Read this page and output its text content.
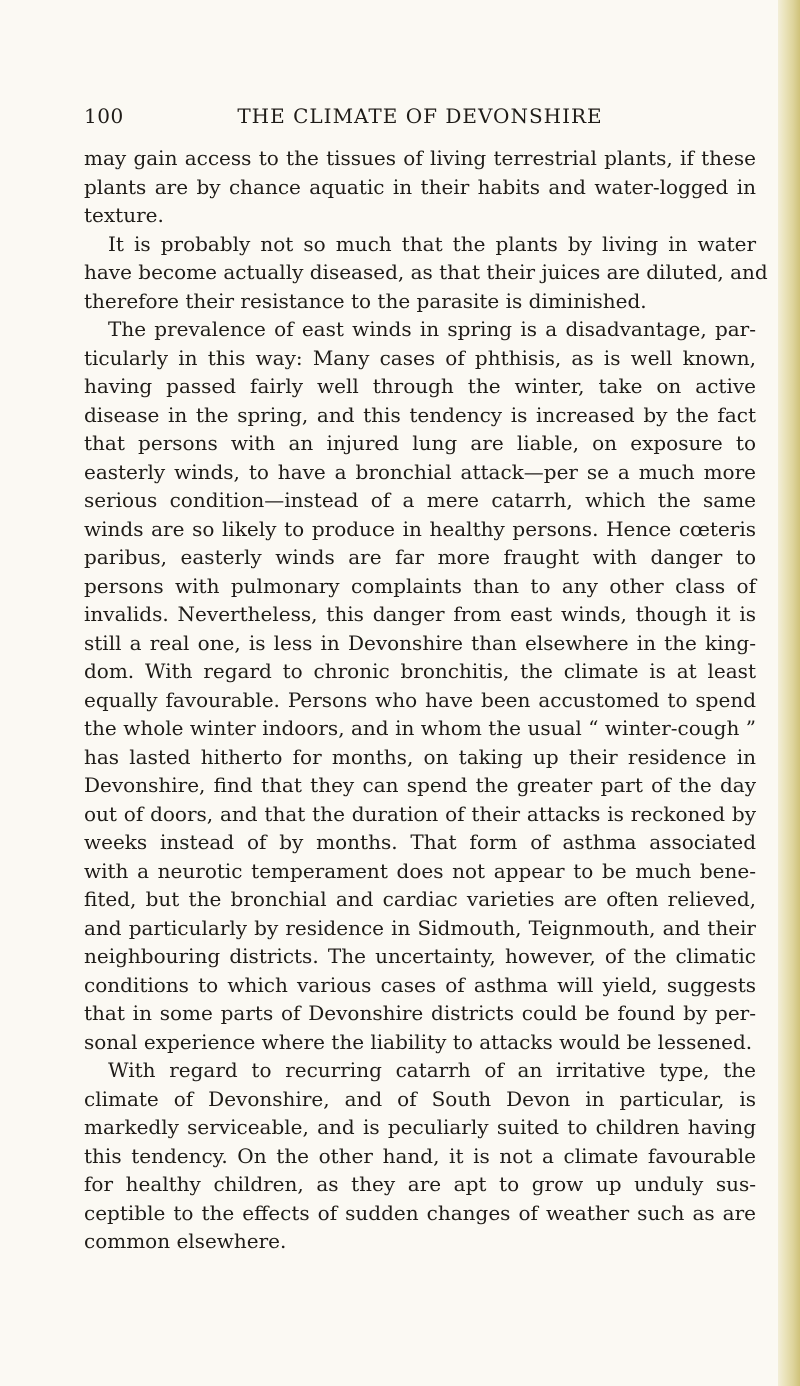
100	THE CLIMATE OF DEVONSHIRE
may gain access to the tissues of living terrestrial plants, if these
plants are by chance aquatic in their habits and water-logged in
texture.
It is probably not so much that the plants by living in water
have become actually diseased, as that their juices are diluted, and
therefore their resistance to the parasite is diminished.
The prevalence of east winds in spring is a disadvantage, par-
ticularly in this way: Many cases of phthisis, as is well known,
having passed fairly well through the winter, take on active
disease in the spring, and this tendency is increased by the fact
that persons with an injured lung are liable, on exposure to
easterly winds, to have a bronchial attack—per se a much more
serious condition—instead of a mere catarrh, which the same
winds are so likely to produce in healthy persons. Hence cœteris
paribus, easterly winds are far more fraught with danger to
persons with pulmonary complaints than to any other class of
invalids. Nevertheless, this danger from east winds, though it is
still a real one, is less in Devonshire than elsewhere in the king-
dom. With regard to chronic bronchitis, the climate is at least
equally favourable. Persons who have been accustomed to spend
the whole winter indoors, and in whom the usual “ winter-cough ”
has lasted hitherto for months, on taking up their residence in
Devonshire, find that they can spend the greater part of the day
out of doors, and that the duration of their attacks is reckoned by
weeks instead of by months. That form of asthma associated
with a neurotic temperament does not appear to be much bene-
fited, but the bronchial and cardiac varieties are often relieved,
and particularly by residence in Sidmouth, Teignmouth, and their
neighbouring districts. The uncertainty, however, of the climatic
conditions to which various cases of asthma will yield, suggests
that in some parts of Devonshire districts could be found by per-
sonal experience where the liability to attacks would be lessened.
With regard to recurring catarrh of an irritative type, the
climate of Devonshire, and of South Devon in particular, is
markedly serviceable, and is peculiarly suited to children having
this tendency. On the other hand, it is not a climate favourable
for healthy children, as they are apt to grow up unduly sus-
ceptible to the effects of sudden changes of weather such as are
common elsewhere.
